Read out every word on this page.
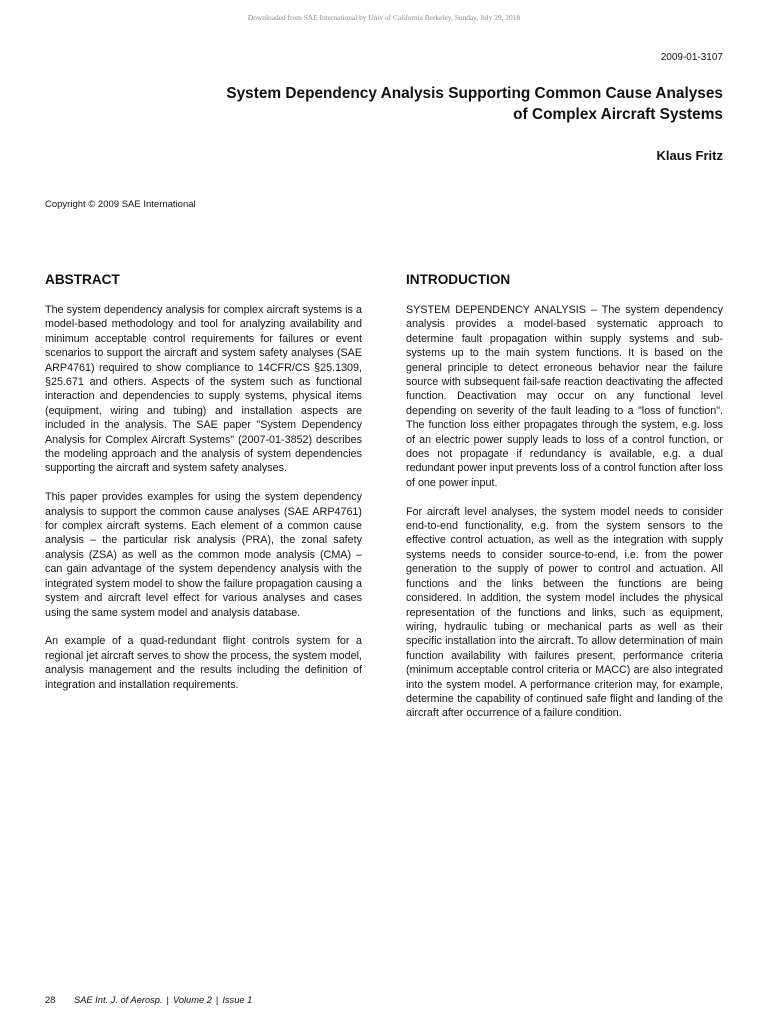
Downloaded from SAE International by Univ of California Berkeley, Sunday, July 29, 2018
2009-01-3107
System Dependency Analysis Supporting Common Cause Analyses
of Complex Aircraft Systems
Klaus Fritz
Copyright © 2009 SAE International
ABSTRACT

The system dependency analysis for complex aircraft systems is a model-based methodology and tool for analyzing availability and minimum acceptable control requirements for failures or event scenarios to support the aircraft and system safety analyses (SAE ARP4761) required to show compliance to 14CFR/CS §25.1309, §25.671 and others. Aspects of the system such as functional interaction and dependencies to supply systems, physical items (equipment, wiring and tubing) and installation aspects are included in the analysis. The SAE paper "System Dependency Analysis for Complex Aircraft Systems" (2007-01-3852) describes the modeling approach and the analysis of system dependencies supporting the aircraft and system safety analyses.

This paper provides examples for using the system dependency analysis to support the common cause analyses (SAE ARP4761) for complex aircraft systems. Each element of a common cause analysis – the particular risk analysis (PRA), the zonal safety analysis (ZSA) as well as the common mode analysis (CMA) – can gain advantage of the system dependency analysis with the integrated system model to show the failure propagation causing a system and aircraft level effect for various analyses and cases using the same system model and analysis database.

An example of a quad-redundant flight controls system for a regional jet aircraft serves to show the process, the system model, analysis management and the results including the definition of integration and installation requirements.

INTRODUCTION

SYSTEM DEPENDENCY ANALYSIS – The system dependency analysis provides a model-based systematic approach to determine fault propagation within supply systems and sub-systems up to the main system functions. It is based on the general principle to detect erroneous behavior near the failure source with subsequent fail-safe reaction deactivating the affected function. Deactivation may occur on any functional level depending on severity of the fault leading to a "loss of function". The function loss either propagates through the system, e.g. loss of an electric power supply leads to loss of a control function, or does not propagate if redundancy is available, e.g. a dual redundant power input prevents loss of a control function after loss of one power input.

For aircraft level analyses, the system model needs to consider end-to-end functionality, e.g. from the system sensors to the effective control actuation, as well as the integration with supply systems needs to consider source-to-end, i.e. from the power generation to the supply of power to control and actuation. All functions and the links between the functions are being considered. In addition, the system model includes the physical representation of the functions and links, such as equipment, wiring, hydraulic tubing or mechanical parts as well as their specific installation into the aircraft. To allow determination of main function availability with failures present, performance criteria (minimum acceptable control criteria or MACC) are also integrated into the system model. A performance criterion may, for example, determine the capability of continued safe flight and landing of the aircraft after occurrence of a failure condition.

28 SAE Int. J. of Aerosp. | Volume 2 | Issue 1
